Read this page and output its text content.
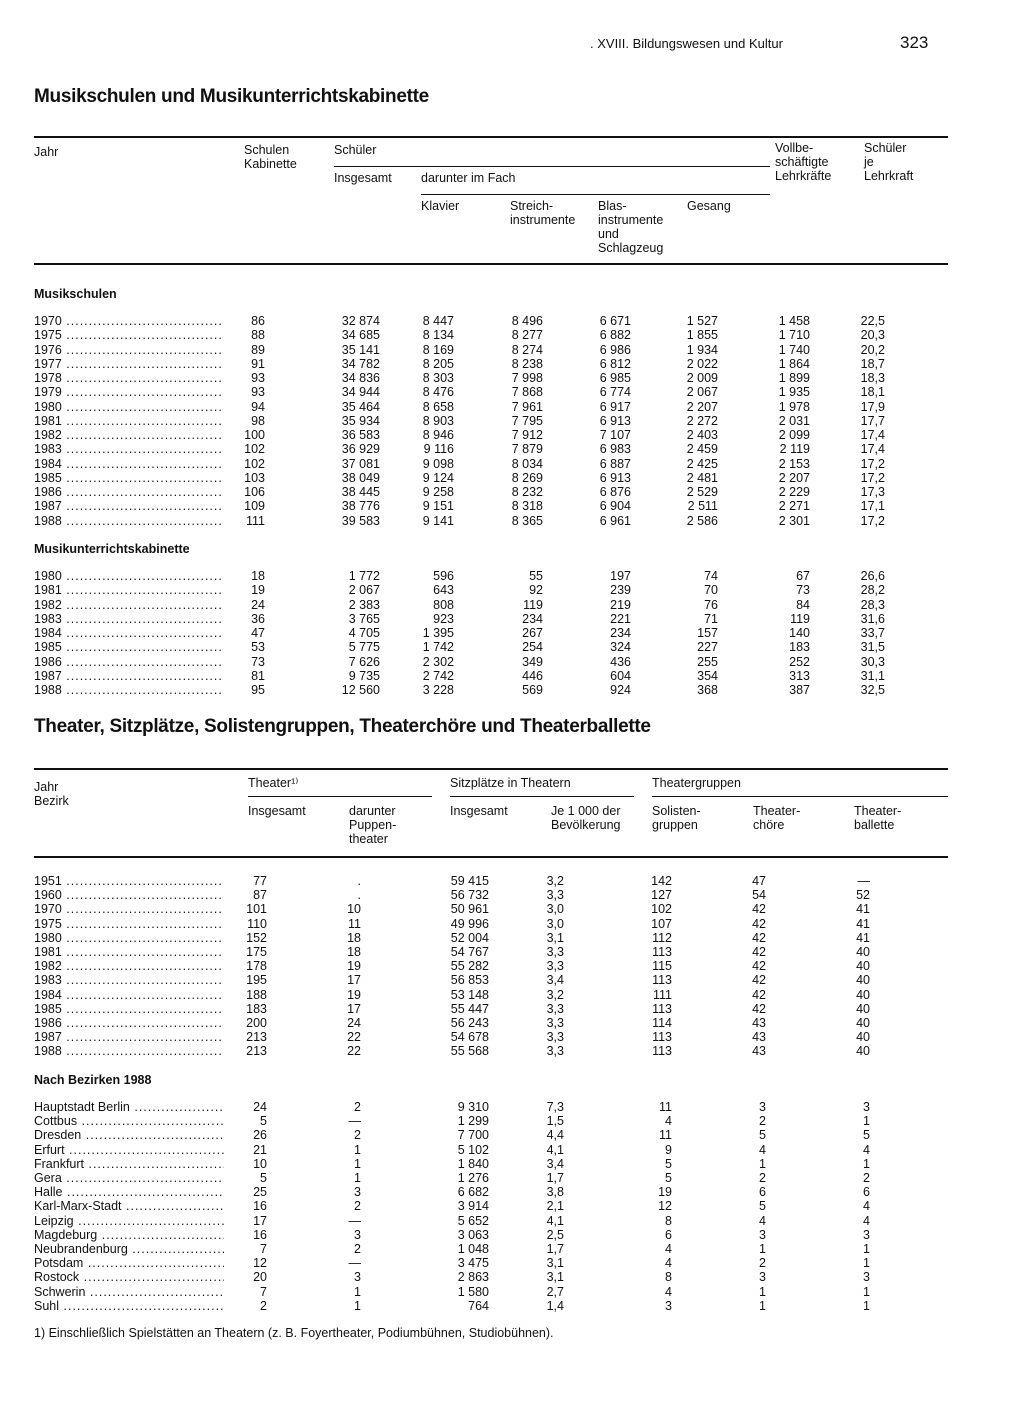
. XVIII. Bildungswesen und Kultur	323
Musikschulen und Musikunterrichtskabinette
Jahr	Schulen
Kabinette
Schüler
Insgesamt darunter im Fach
Klavier	Streich-
instrumente
Blas-
instrumente
und
Schlagzeug
Gesang
Vollbe-
schäftigte
Lehrkräfte
Schüler
je
Lehrkraft
Musikschulen
1970 .....	86	32 874	8 447	8 496	6 671	1 527	1 458	22,5
1975 .....	88	34 685	8 134	8 277	6 882	1 855	1 710	20,3
1976 .....	89	35 141	8 169	8 274	6 986	1 934	1 740	20,2
1977 .....	91	34 782	8 205	8 238	6 812	2 022	1 864	18,7
1978 .....	93	34 836	8 303	7 998	6 985	2 009	1 899	18,3
1979 .....	93	34 944	8 476	7 868	6 774	2 067	1 935	18,1
1980 .....	94	35 464	8 658	7 961	6 917	2 207	1 978	17,9
1981 .....	98	35 934	8 903	7 795	6 913	2 272	2 031	17,7
1982 .....	100	36 583	8 946	7 912	7 107	2 403	2 099	17,4
1983 .....	102	36 929	9 116	7 879	6 983	2 459	2 119	17,4
1984 .....	102	37 081	9 098	8 034	6 887	2 425	2 153	17,2
1985 .....	103	38 049	9 124	8 269	6 913	2 481	2 207	17,2
1986 .....	106	38 445	9 258	8 232	6 876	2 529	2 229	17,3
1987 .....	109	38 776	9 151	8 318	6 904	2 511	2 271	17,1
1988 .....	111	39 583	9 141	8 365	6 961	2 586	2 301	17,2
Musikunterrichtskabinette
1980 .....	18	1 772	596	55	197	74	67	26,6
1981 .....	19	2 067	643	92	239	70	73	28,2
1982 .....	24	2 383	808	119	219	76	84	28,3
1983 .....	36	3 765	923	234	221	71	119	31,6
1984 .....	47	4 705	1 395	267	234	157	140	33,7
1985 .....	53	5 775	1 742	254	324	227	183	31,5
1986 .....	73	7 626	2 302	349	436	255	252	30,3
1987 .....	81	9 735	2 742	446	604	354	313	31,1
1988 .....	95	12 560	3 228	569	924	368	387	32,5
Theater, Sitzplätze, Solistengruppen, Theaterchöre und Theaterballette
Jahr
Bezirk
Theater¹⁾
Insgesamt	darunter
Puppen-
theater
Sitzplätze in Theatern
Insgesamt	Je 1 000 der
Bevölkerung
Theatergruppen
Solisten-
gruppen
Theater-
chöre
Theater-
ballette
1951 .....	77	.	59 415	3,2	142	47	—
1960 .....	87	.	56 732	3,3	127	54	52
1970 .....	101	10	50 961	3,0	102	42	41
1975 .....	110	11	49 996	3,0	107	42	41
1980 .....	152	18	52 004	3,1	112	42	41
1981 .....	175	18	54 767	3,3	113	42	40
1982 .....	178	19	55 282	3,3	115	42	40
1983 .....	195	17	56 853	3,4	113	42	40
1984 .....	188	19	53 148	3,2	111	42	40
1985 .....	183	17	55 447	3,3	113	42	40
1986 .....	200	24	56 243	3,3	114	43	40
1987 .....	213	22	54 678	3,3	113	43	40
1988 .....	213	22	55 568	3,3	113	43	40
Nach Bezirken 1988
Hauptstadt Berlin .....	24	2	9 310	7,3	11	3	3
Cottbus .....	5	—	1 299	1,5	4	2	1
Dresden .....	26	2	7 700	4,4	11	5	5
Erfurt .....	21	1	5 102	4,1	9	4	4
Frankfurt .....	10	1	1 840	3,4	5	1	1
Gera .....	5	1	1 276	1,7	5	2	2
Halle .....	25	3	6 682	3,8	19	6	6
Karl-Marx-Stadt .....	16	2	3 914	2,1	12	5	4
Leipzig .....	17	—	5 652	4,1	8	4	4
Magdeburg .....	16	3	3 063	2,5	6	3	3
Neubrandenburg .....	7	2	1 048	1,7	4	1	1
Potsdam .....	12	—	3 475	3,1	4	2	1
Rostock .....	20	3	2 863	3,1	8	3	3
Schwerin .....	7	1	1 580	2,7	4	1	1
Suhl .....	2	1	764	1,4	3	1	1
1) Einschließlich Spielstätten an Theatern (z. B. Foyertheater, Podiumbühnen, Studiobühnen).
